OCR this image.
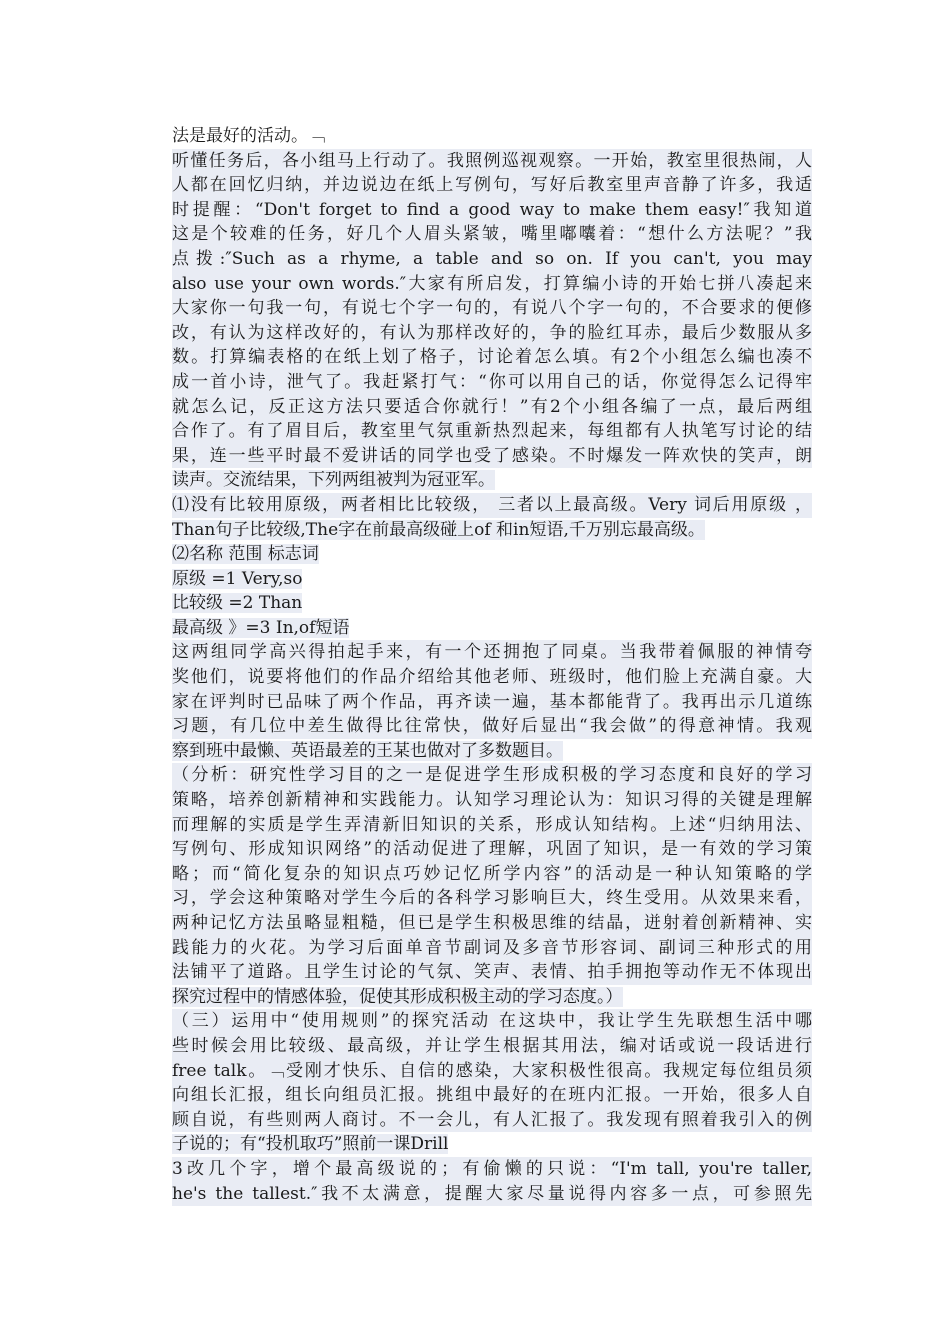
法是最好的活动。﹁
听懂任务后，各小组马上行动了。我照例巡视观察。一开始，教室里很热闹，人
人都在回忆归纳，并边说边在纸上写例句，写好后教室里声音静了许多，我适
时提醒：“Don't forget to find a good way to make them easy!″我知道
这是个较难的任务，好几个人眉头紧皱，嘴里嘟囔着：“想什么方法呢？”我
点拨:″Such as a rhyme, a table and so on. If you can't, you may
also use your own words.″大家有所启发，打算编小诗的开始七拼八凑起来
大家你一句我一句，有说七个字一句的，有说八个字一句的，不合要求的便修
改，有认为这样改好的，有认为那样改好的，争的脸红耳赤，最后少数服从多
数。打算编表格的在纸上划了格子，讨论着怎么填。有2个小组怎么编也凑不
成一首小诗，泄气了。我赶紧打气：“你可以用自己的话，你觉得怎么记得牢
就怎么记，反正这方法只要适合你就行！”有2个小组各编了一点，最后两组
合作了。有了眉目后，教室里气氛重新热烈起来，每组都有人执笔写讨论的结
果，连一些平时最不爱讲话的同学也受了感染。不时爆发一阵欢快的笑声，朗
读声。交流结果，下列两组被判为冠亚军。
⑴没有比较用原级，两者相比比较级， 三者以上最高级。Very 词后用原级 ，
Than句子比较级,The字在前最高级碰上of 和in短语,千万别忘最高级。
⑵名称 范围 标志词
原级 =1 Very,so
比较级 =2 Than
最高级 》=3 In,of短语
这两组同学高兴得拍起手来，有一个还拥抱了同桌。当我带着佩服的神情夸
奖他们，说要将他们的作品介绍给其他老师、班级时，他们脸上充满自豪。大
家在评判时已品味了两个作品，再齐读一遍，基本都能背了。我再出示几道练
习题，有几位中差生做得比往常快，做好后显出“我会做”的得意神情。我观
察到班中最懒、英语最差的王某也做对了多数题目。
（分析：研究性学习目的之一是促进学生形成积极的学习态度和良好的学习
策略，培养创新精神和实践能力。认知学习理论认为：知识习得的关键是理解
而理解的实质是学生弄清新旧知识的关系，形成认知结构。上述“归纳用法、
写例句、形成知识网络”的活动促进了理解，巩固了知识，是一有效的学习策
略；而“简化复杂的知识点巧妙记忆所学内容”的活动是一种认知策略的学
习，学会这种策略对学生今后的各科学习影响巨大，终生受用。从效果来看，
两种记忆方法虽略显粗糙，但已是学生积极思维的结晶，迸射着创新精神、实
践能力的火花。为学习后面单音节副词及多音节形容词、副词三种形式的用
法铺平了道路。且学生讨论的气氛、笑声、表情、拍手拥抱等动作无不体现出
探究过程中的情感体验，促使其形成积极主动的学习态度。）
（三）运用中“使用规则”的探究活动 在这块中，我让学生先联想生活中哪
些时候会用比较级、最高级，并让学生根据其用法，编对话或说一段话进行
free talk。﹁受刚才快乐、自信的感染，大家积极性很高。我规定每位组员须
向组长汇报，组长向组员汇报。挑组中最好的在班内汇报。一开始，很多人自
顾自说，有些则两人商讨。不一会儿，有人汇报了。我发现有照着我引入的例
子说的；有“投机取巧”照前一课Drill
3改几个字，增个最高级说的；有偷懒的只说：“I'm tall, you're taller,
he's the tallest.″我不太满意，提醒大家尽量说得内容多一点，可参照先
